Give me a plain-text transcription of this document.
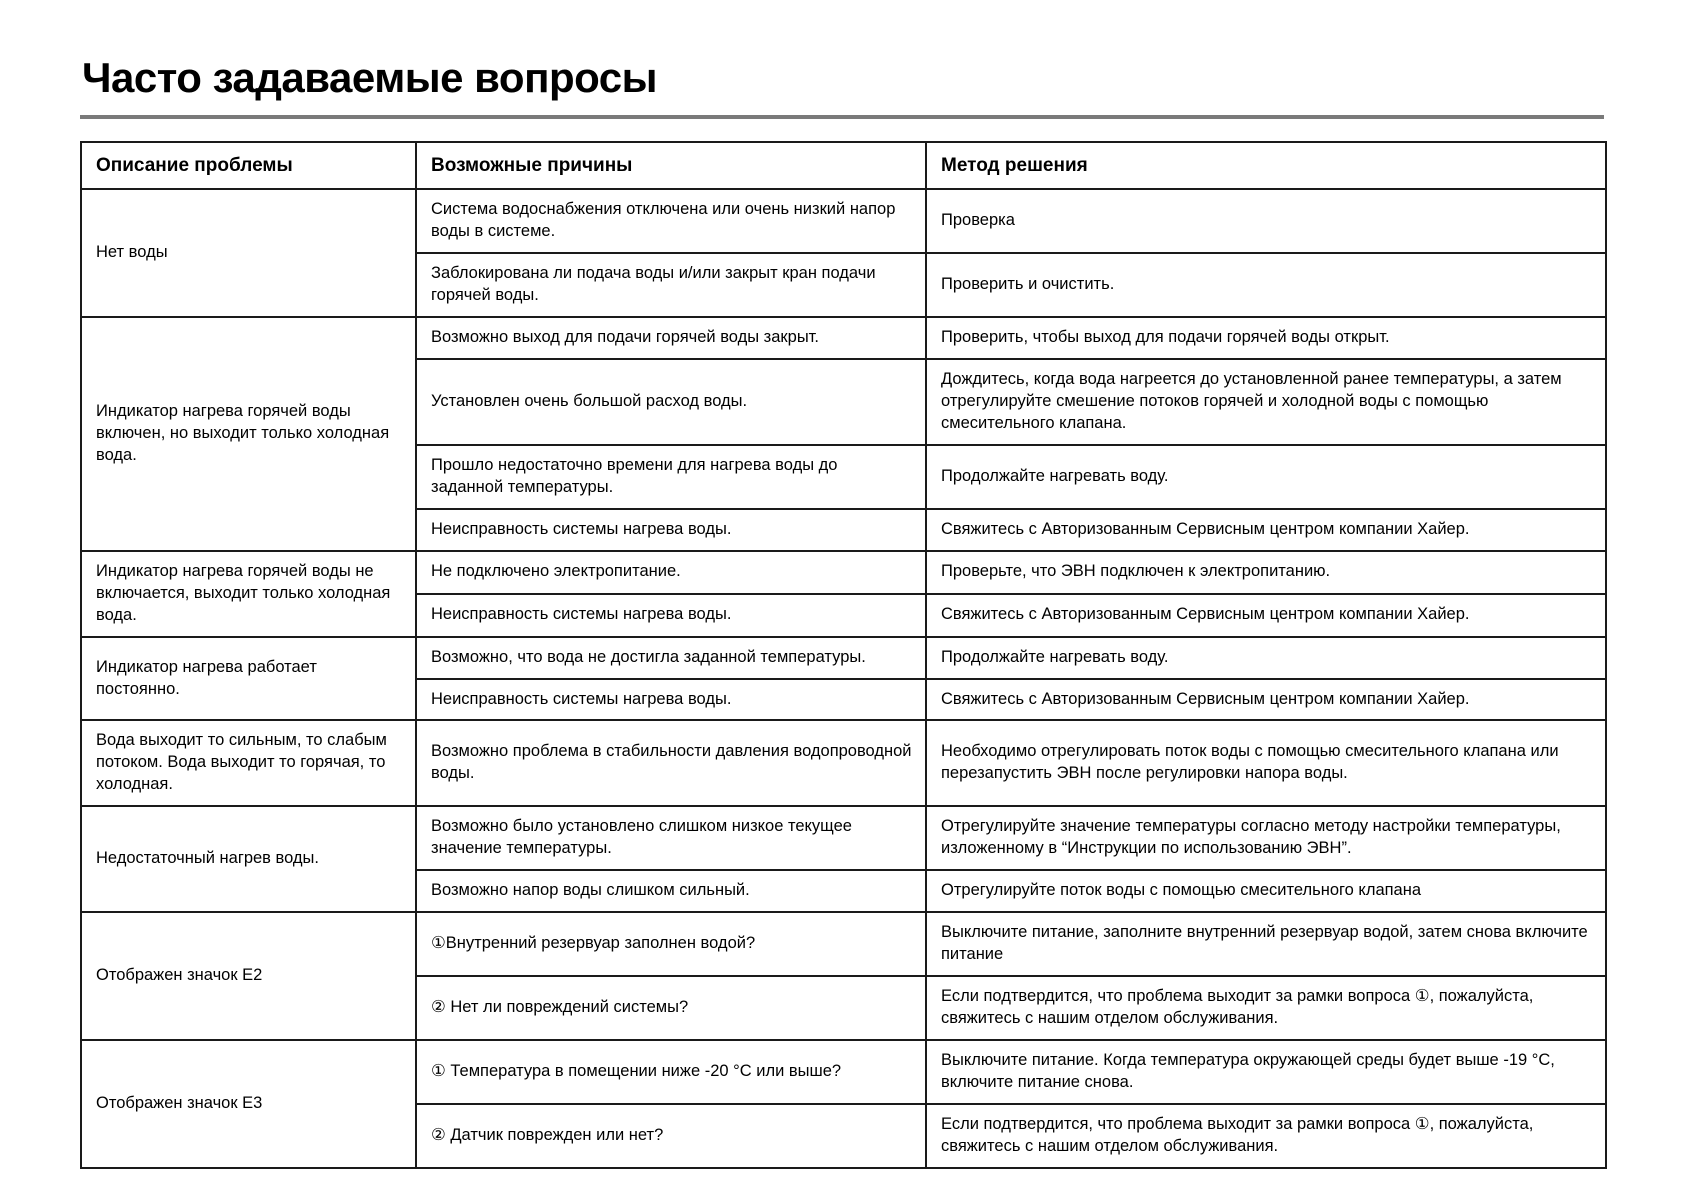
Часто задаваемые вопросы
Описание проблемы	Возможные причины	Метод решения
Нет воды	Система водоснабжения отключена или очень низкий напор воды в системе.	Проверка
	Заблокирована ли подача воды и/или закрыт кран подачи горячей воды.	Проверить и очистить.
Индикатор нагрева горячей воды включен, но выходит только холодная вода.	Возможно выход для подачи горячей воды закрыт.	Проверить, чтобы выход для подачи горячей воды открыт.
	Установлен очень большой расход воды.	Дождитесь, когда вода нагреется до установленной ранее температуры, а затем отрегулируйте смешение потоков горячей и холодной воды с помощью смесительного клапана.
	Прошло недостаточно времени для нагрева воды до заданной температуры.	Продолжайте нагревать воду.
	Неисправность системы нагрева воды.	Свяжитесь с Авторизованным Сервисным центром компании Хайер.
Индикатор нагрева горячей воды не включается, выходит только холодная вода.	Не подключено электропитание.	Проверьте, что ЭВН подключен к электропитанию.
	Неисправность системы нагрева воды.	Свяжитесь с Авторизованным Сервисным центром компании Хайер.
Индикатор нагрева работает постоянно.	Возможно, что вода не достигла заданной температуры.	Продолжайте нагревать воду.
	Неисправность системы нагрева воды.	Свяжитесь с Авторизованным Сервисным центром компании Хайер.
Вода выходит то сильным, то слабым потоком. Вода выходит то горячая, то холодная.	Возможно проблема в стабильности давления водопроводной воды.	Необходимо отрегулировать поток воды с помощью смесительного клапана или перезапустить ЭВН после регулировки напора воды.
Недостаточный нагрев воды.	Возможно было установлено слишком низкое текущее значение температуры.	Отрегулируйте значение температуры согласно методу настройки температуры, изложенному в “Инструкции по использованию ЭВН”.
	Возможно напор воды слишком сильный.	Отрегулируйте поток воды с помощью смесительного клапана
Отображен значок E2	①Внутренний резервуар заполнен водой?	Выключите питание, заполните внутренний резервуар водой, затем снова включите питание
	② Нет ли повреждений системы?	Если подтвердится, что проблема выходит за рамки вопроса ①, пожалуйста, свяжитесь с нашим отделом обслуживания.
Отображен значок E3	① Температура в помещении ниже -20 °C или выше?	Выключите питание. Когда температура окружающей среды будет выше -19 °C, включите питание снова.
	② Датчик поврежден или нет?	Если подтвердится, что проблема выходит за рамки вопроса ①, пожалуйста, свяжитесь с нашим отделом обслуживания.
